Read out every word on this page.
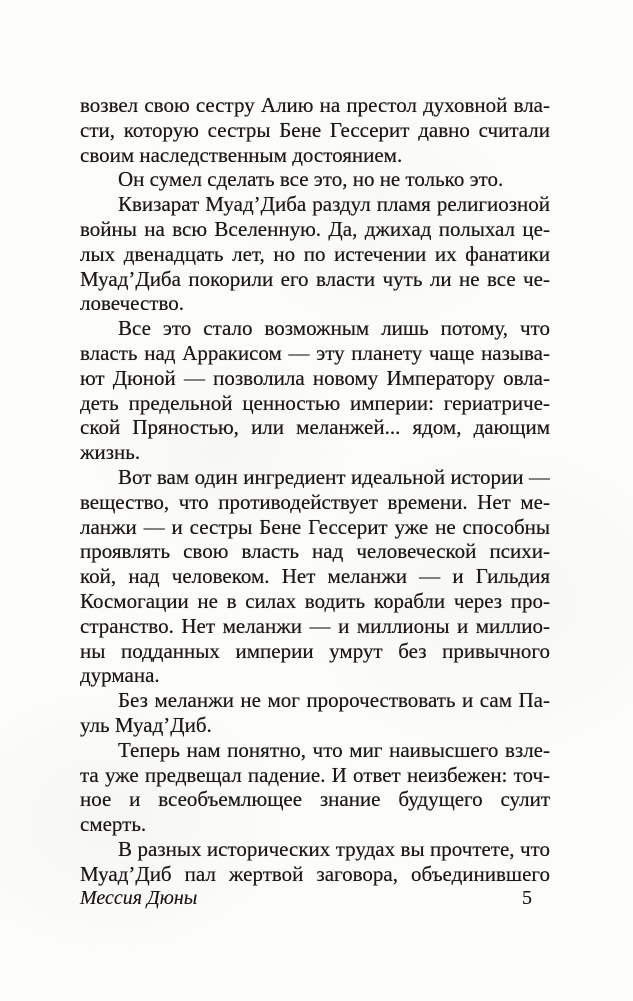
возвел свою сестру Алию на престол духовной вла-
сти, которую сестры Бене Гессерит давно считали
своим наследственным достоянием.
Он сумел сделать все это, но не только это.
Квизарат Муад’Диба раздул пламя религиозной
войны на всю Вселенную. Да, джихад полыхал це-
лых двенадцать лет, но по истечении их фанатики
Муад’Диба покорили его власти чуть ли не все че-
ловечество.
Все это стало возможным лишь потому, что
власть над Арракисом — эту планету чаще называ-
ют Дюной — позволила новому Императору овла-
деть предельной ценностью империи: гериатриче-
ской Пряностью, или меланжей... ядом, дающим
жизнь.
Вот вам один ингредиент идеальной истории —
вещество, что противодействует времени. Нет ме-
ланжи — и сестры Бене Гессерит уже не способны
проявлять свою власть над человеческой психи-
кой, над человеком. Нет меланжи — и Гильдия
Космогации не в силах водить корабли через про-
странство. Нет меланжи — и миллионы и миллио-
ны подданных империи умрут без привычного
дурмана.
Без меланжи не мог пророчествовать и сам Па-
уль Муад’Диб.
Теперь нам понятно, что миг наивысшего взле-
та уже предвещал падение. И ответ неизбежен: точ-
ное и всеобъемлющее знание будущего сулит
смерть.
В разных исторических трудах вы прочтете, что
Муад’Диб пал жертвой заговора, объединившего
Мессия Дюны	5
